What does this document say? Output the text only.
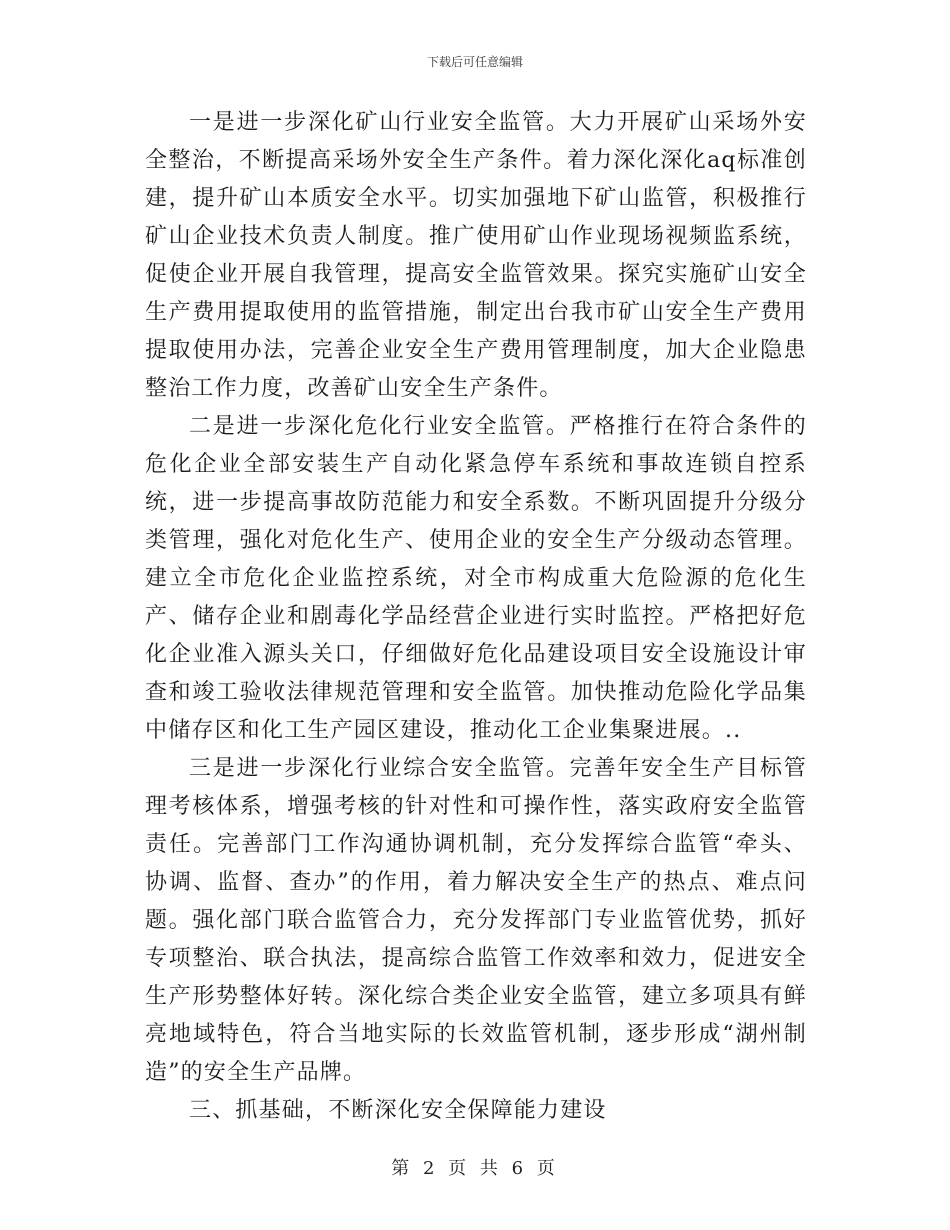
下载后可任意编辑

一是进一步深化矿山行业安全监管。大力开展矿山采场外安全整治，不断提高采场外安全生产条件。着力深化深化aq标准创建，提升矿山本质安全水平。切实加强地下矿山监管，积极推行矿山企业技术负责人制度。推广使用矿山作业现场视频监系统，促使企业开展自我管理，提高安全监管效果。探究实施矿山安全生产费用提取使用的监管措施，制定出台我市矿山安全生产费用提取使用办法，完善企业安全生产费用管理制度，加大企业隐患整治工作力度，改善矿山安全生产条件。

二是进一步深化危化行业安全监管。严格推行在符合条件的危化企业全部安装生产自动化紧急停车系统和事故连锁自控系统，进一步提高事故防范能力和安全系数。不断巩固提升分级分类管理，强化对危化生产、使用企业的安全生产分级动态管理。建立全市危化企业监控系统，对全市构成重大危险源的危化生产、储存企业和剧毒化学品经营企业进行实时监控。严格把好危化企业准入源头关口，仔细做好危化品建设项目安全设施设计审查和竣工验收法律规范管理和安全监管。加快推动危险化学品集中储存区和化工生产园区建设，推动化工企业集聚进展。..

三是进一步深化行业综合安全监管。完善年安全生产目标管理考核体系，增强考核的针对性和可操作性，落实政府安全监管责任。完善部门工作沟通协调机制，充分发挥综合监管“牵头、协调、监督、查办”的作用，着力解决安全生产的热点、难点问题。强化部门联合监管合力，充分发挥部门专业监管优势，抓好专项整治、联合执法，提高综合监管工作效率和效力，促进安全生产形势整体好转。深化综合类企业安全监管，建立多项具有鲜亮地域特色，符合当地实际的长效监管机制，逐步形成“湖州制造”的安全生产品牌。

三、抓基础，不断深化安全保障能力建设

第 2 页 共 6 页
